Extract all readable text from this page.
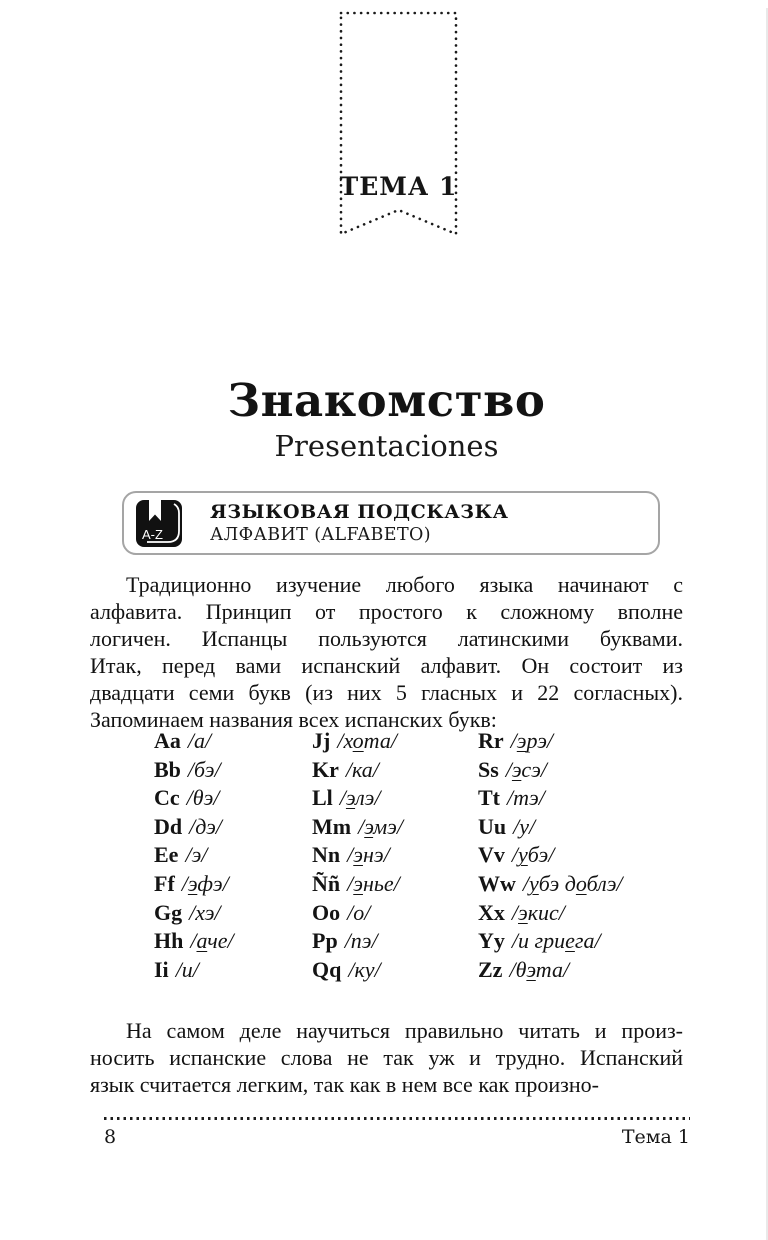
ТЕМА 1
Знакомство
Presentaciones
A-Z
ЯЗЫКОВАЯ ПОДСКАЗКА
АЛФАВИТ (ALFABETO)
Традиционно изучение любого языка начинают с
алфавита. Принцип от простого к сложному вполне
логичен. Испанцы пользуются латинскими буквами.
Итак, перед вами испанский алфавит. Он состоит из
двадцати семи букв (из них 5 гласных и 22 согласных).
Запоминаем названия всех испанских букв:
Aa /а/
Bb /бэ/
Cc /θэ/
Dd /дэ/
Ee /э/
Ff /эфэ/
Gg /хэ/
Hh /аче/
Ii /и/
Jj /хота/
Kr /ка/
Ll /элэ/
Mm /эмэ/
Nn /энэ/
Ññ /энье/
Oo /о/
Pp /пэ/
Qq /ку/
Rr /эрэ/
Ss /эсэ/
Tt /тэ/
Uu /у/
Vv /убэ/
Ww /убэ доблэ/
Xx /экис/
Yy /и гриега/
Zz /θэта/
На самом деле научиться правильно читать и произ-
носить испанские слова не так уж и трудно. Испанский
язык считается легким, так как в нем все как произно-
8	Тема 1
